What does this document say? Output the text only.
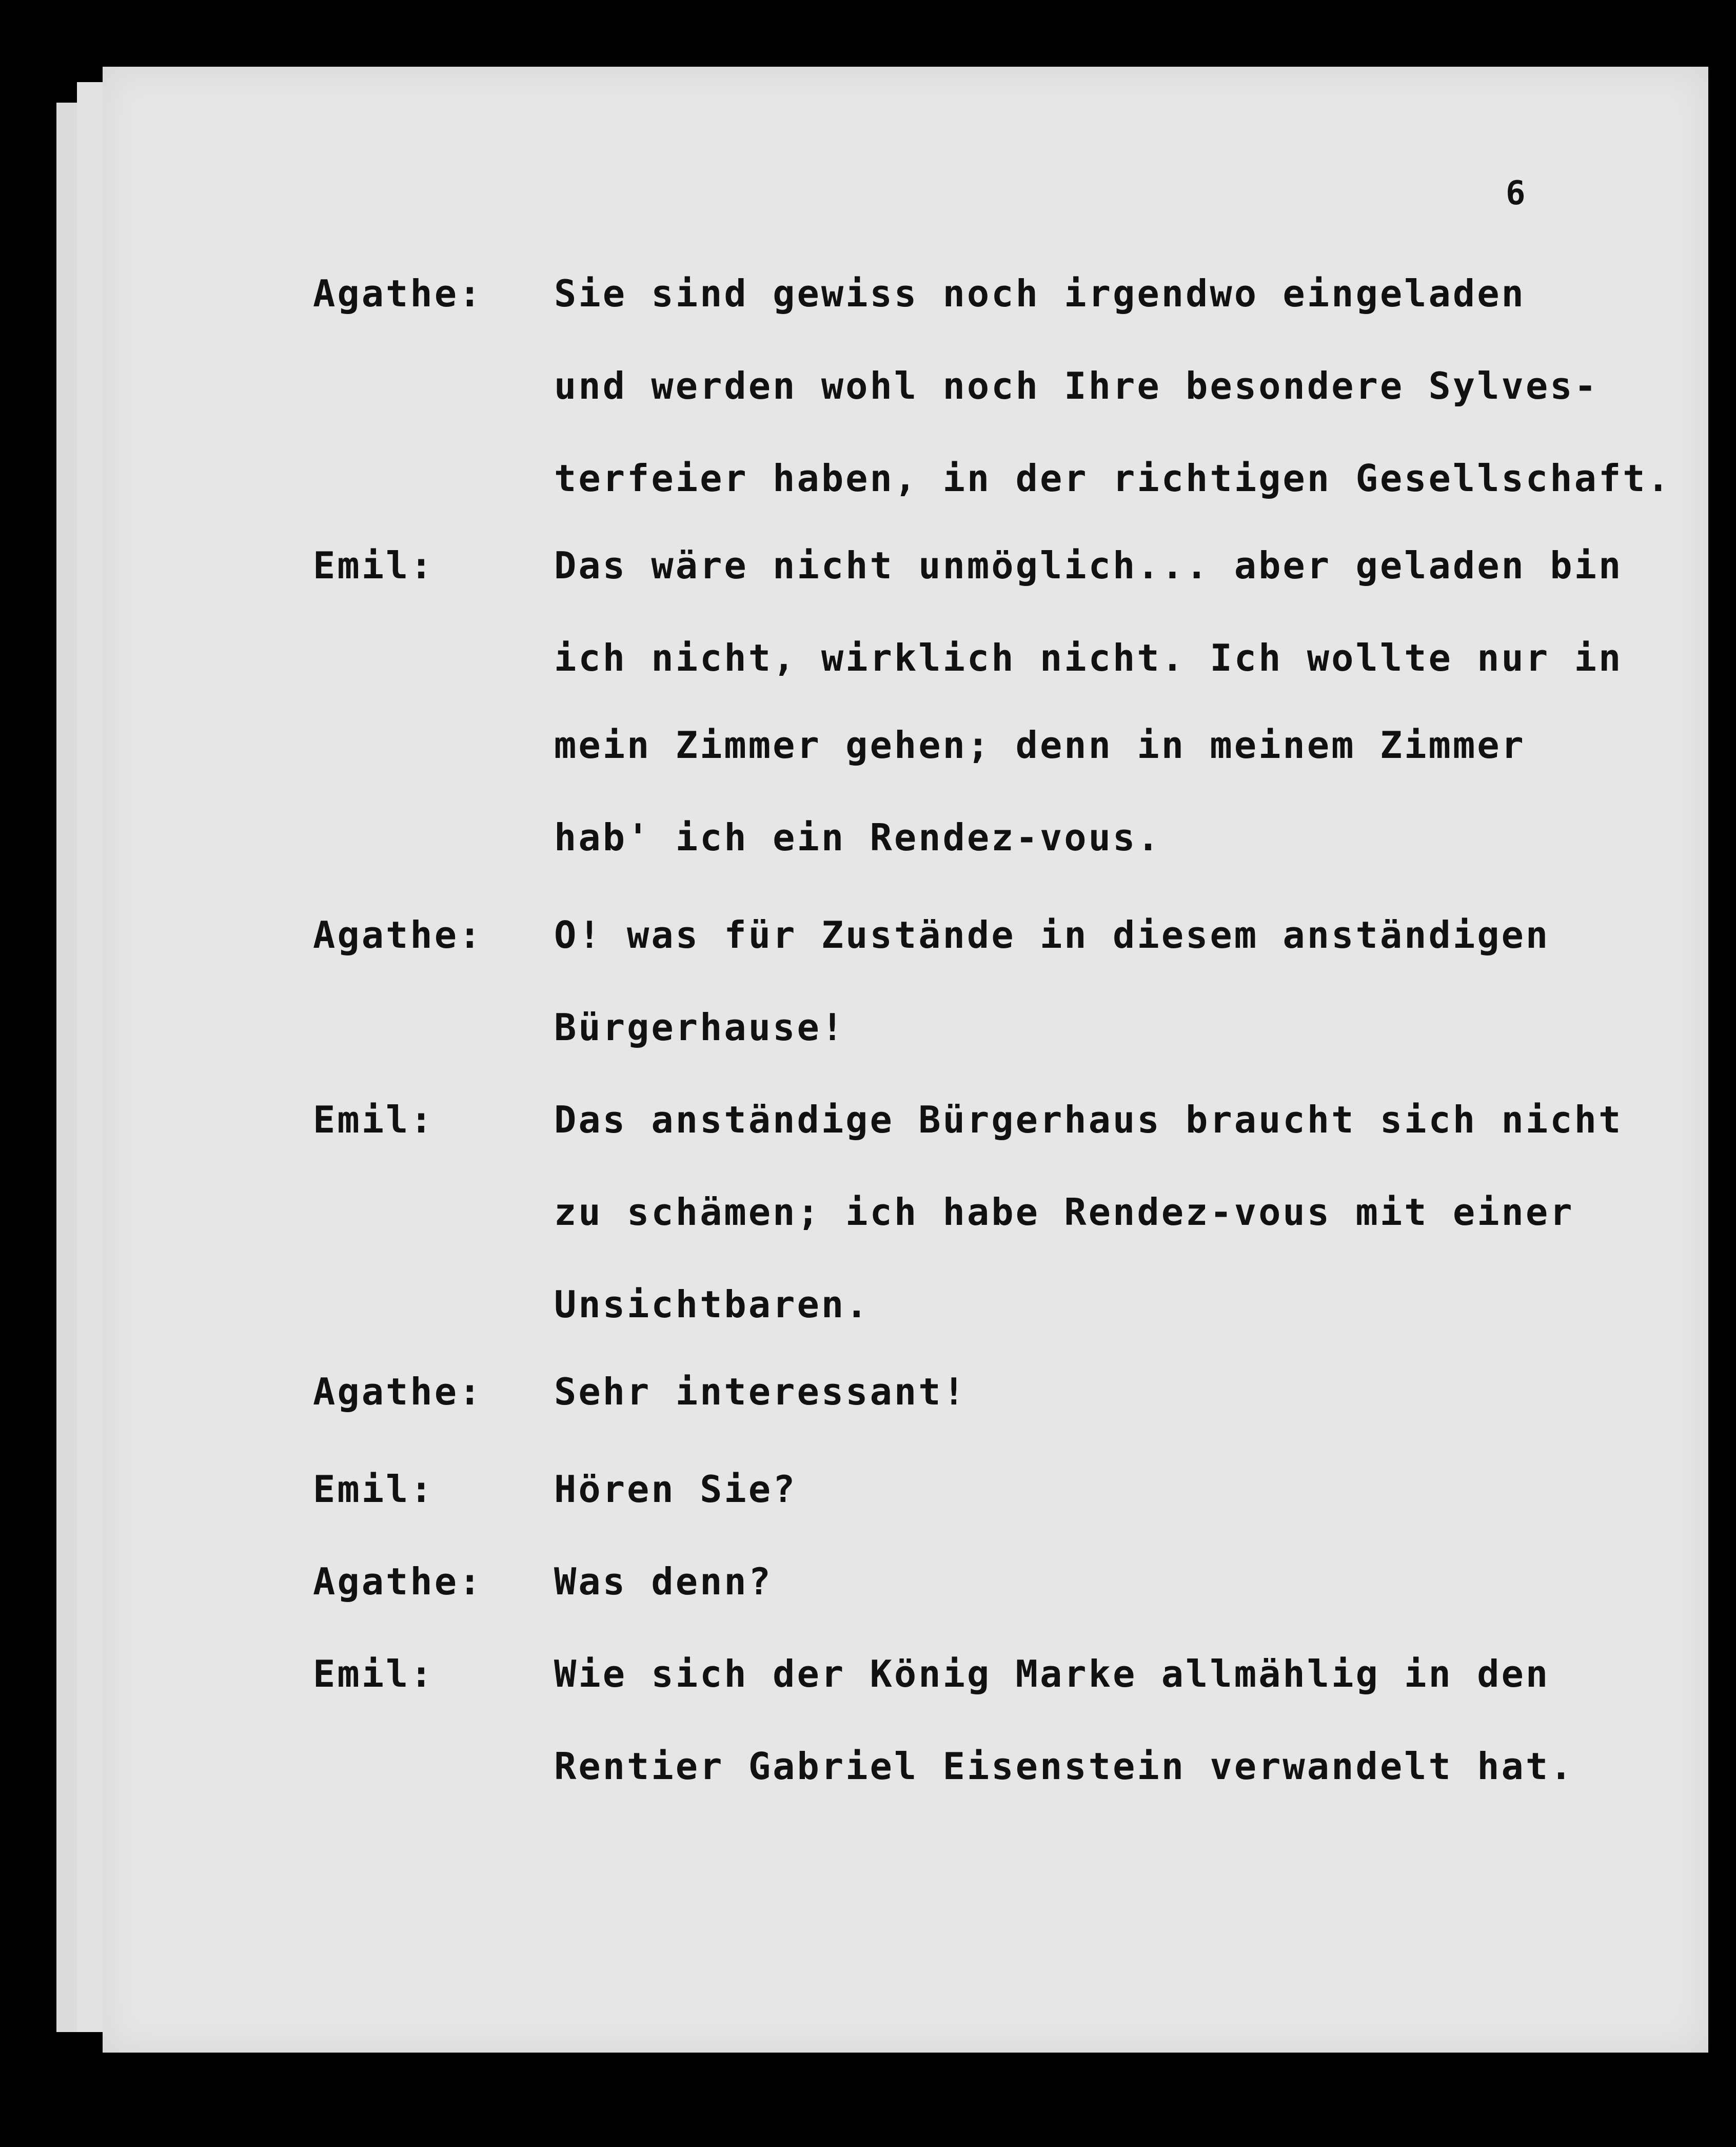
6
Agathe: Sie sind gewiss noch irgendwo eingeladen
und werden wohl noch Ihre besondere Sylves-
terfeier haben, in der richtigen Gesellschaft.
Emil:	Das wäre nicht unmöglich... aber geladen bin
ich nicht, wirklich nicht. Ich wollte nur in
mein Zimmer gehen; denn in meinem Zimmer
hab' ich ein Rendez-vous.
Agathe: O! was für Zustände in diesem anständigen
Bürgerhause!
Emil:	Das anständige Bürgerhaus braucht sich nicht
zu schämen; ich habe Rendez-vous mit einer
Unsichtbaren.
Agathe: Sehr interessant!
Emil:	Hören Sie?
Agathe: Was denn?
Emil:	Wie sich der König Marke allmählig in den
Rentier Gabriel Eisenstein verwandelt hat.
